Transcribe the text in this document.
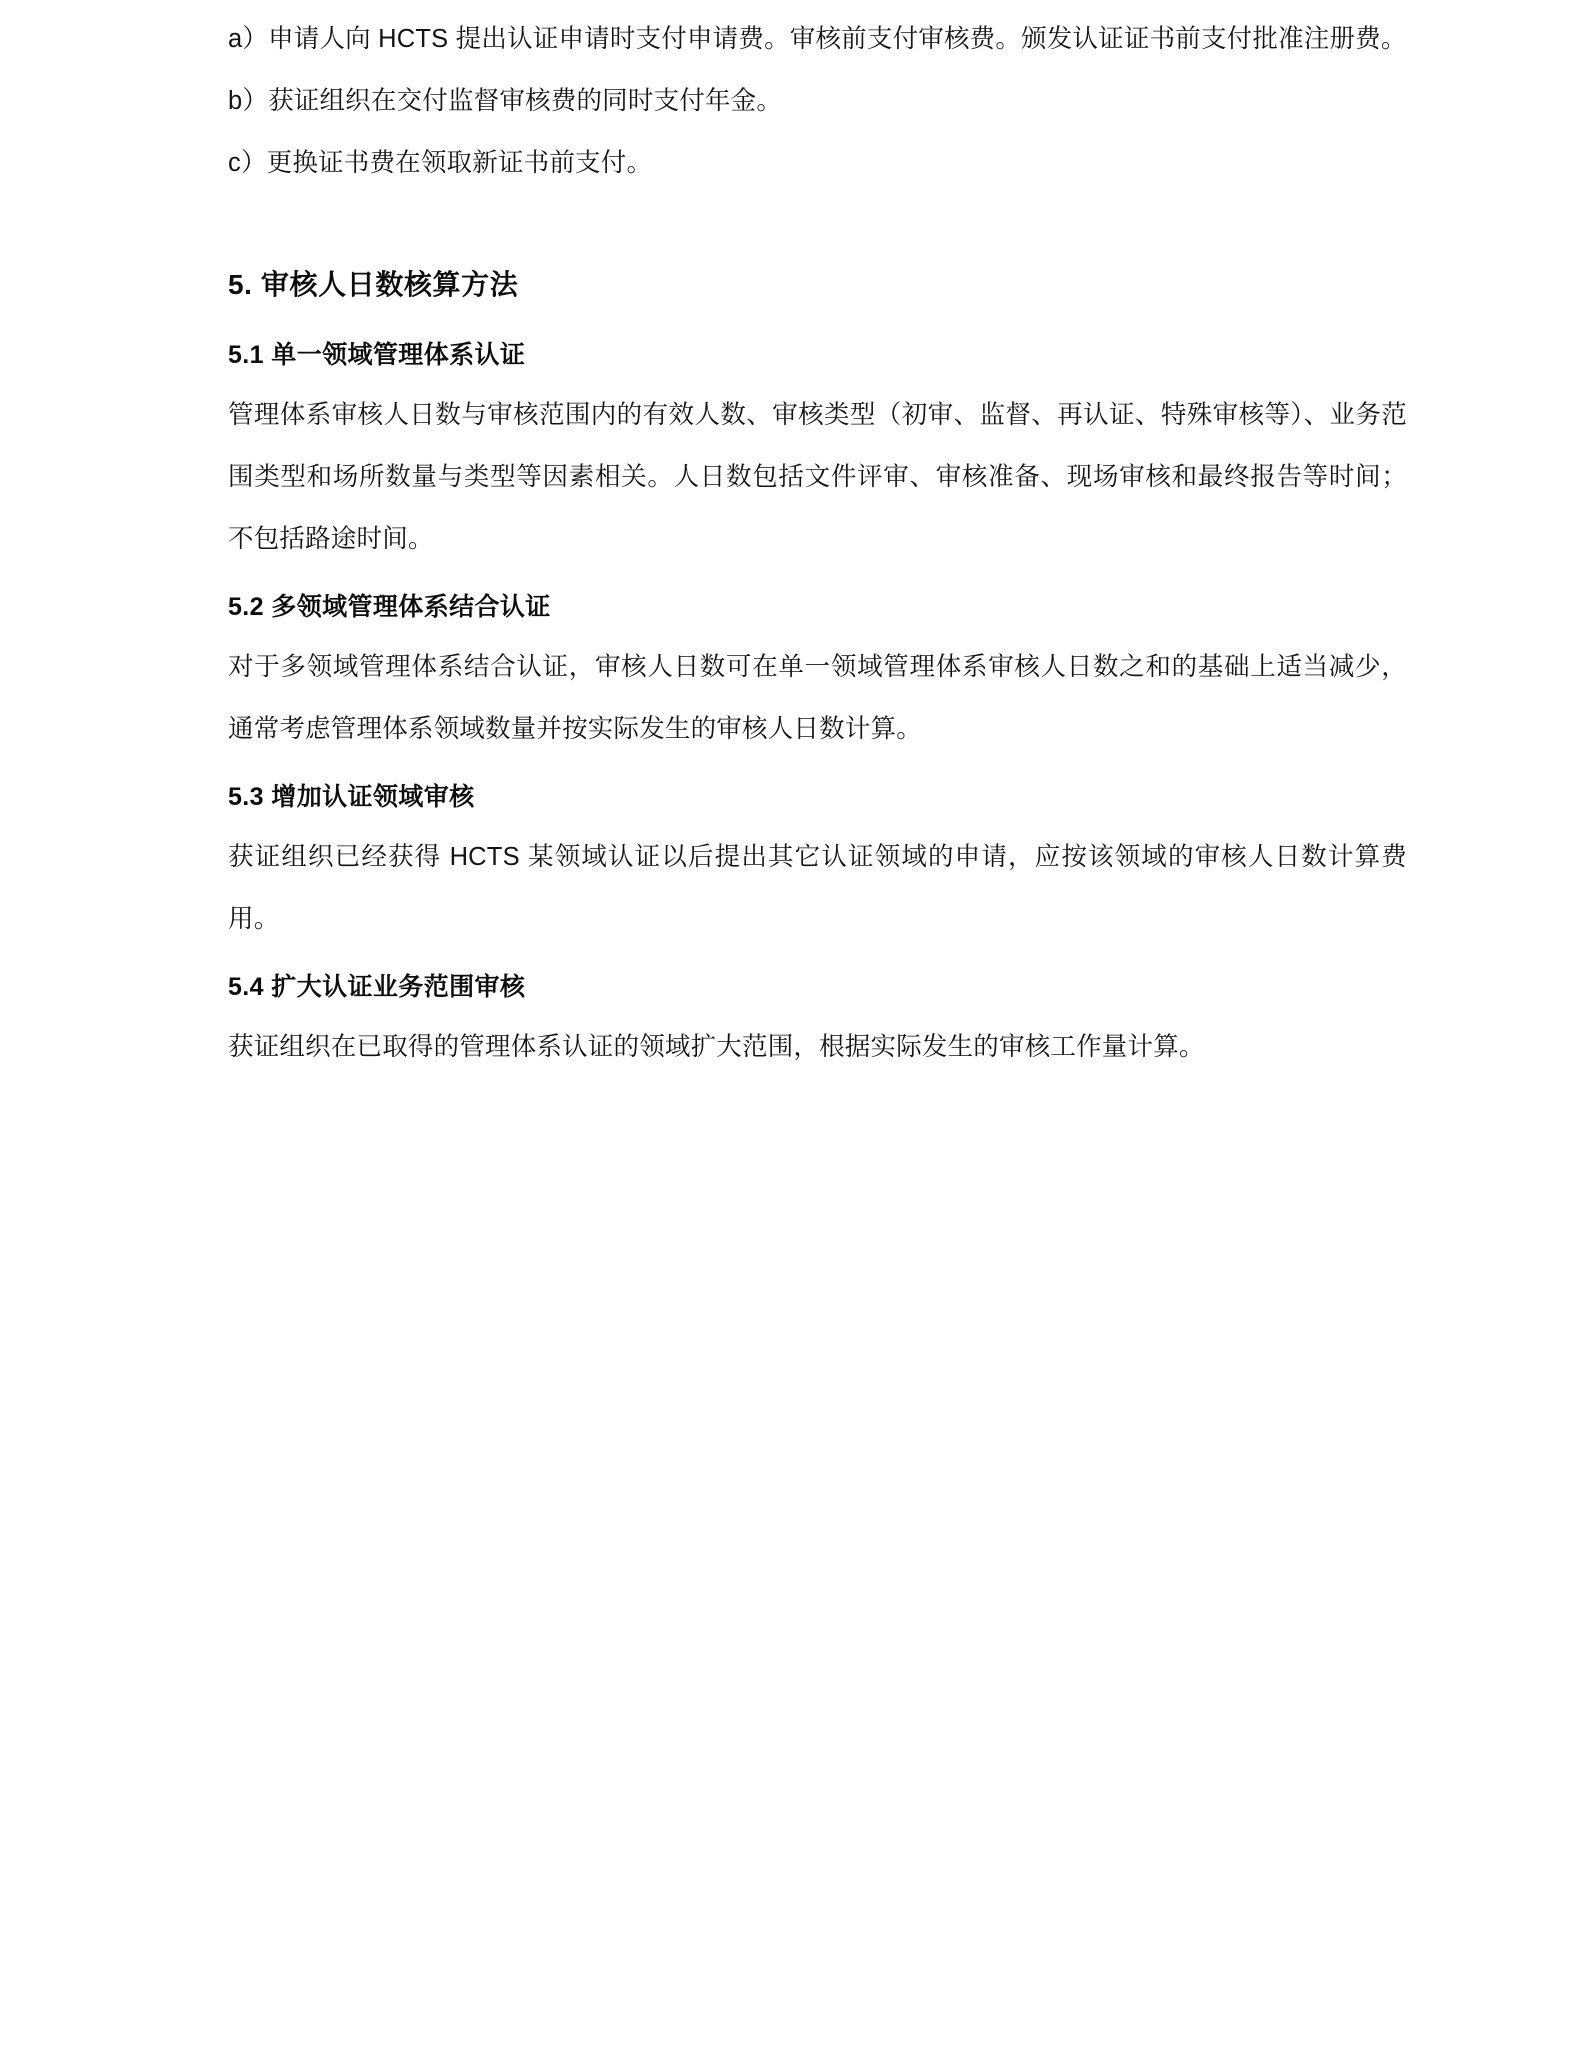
a）申请人向 HCTS 提出认证申请时支付申请费。审核前支付审核费。颁发认证证书前支付批准注册费。

b）获证组织在交付监督审核费的同时支付年金。

c）更换证书费在领取新证书前支付。

5. 审核人日数核算方法
5.1 单一领域管理体系认证

管理体系审核人日数与审核范围内的有效人数、审核类型（初审、监督、再认证、特殊审核等）、业务范围类型和场所数量与类型等因素相关。人日数包括文件评审、审核准备、现场审核和最终报告等时间；不包括路途时间。

5.2 多领域管理体系结合认证

对于多领域管理体系结合认证，审核人日数可在单一领域管理体系审核人日数之和的基础上适当减少， 通常考虑管理体系领域数量并按实际发生的审核人日数计算。

5.3 增加认证领域审核

获证组织已经获得 HCTS 某领域认证以后提出其它认证领域的申请，应按该领域的审核人日数计算费用。

5.4 扩大认证业务范围审核

获证组织在已取得的管理体系认证的领域扩大范围，根据实际发生的审核工作量计算。
